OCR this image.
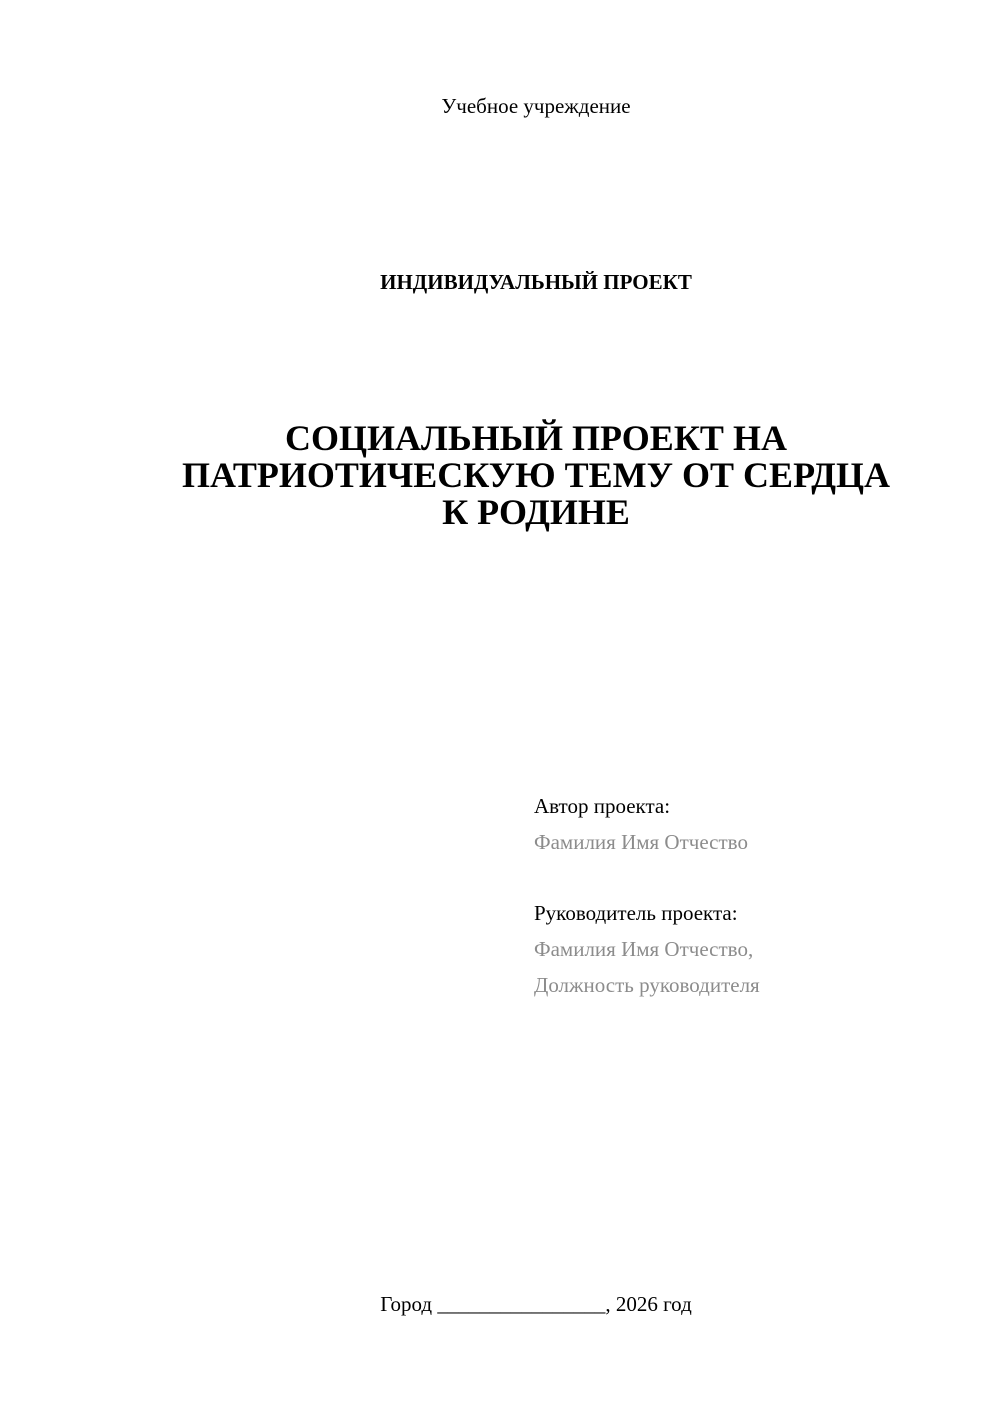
Учебное учреждение
ИНДИВИДУАЛЬНЫЙ ПРОЕКТ
СОЦИАЛЬНЫЙ ПРОЕКТ НА
ПАТРИОТИЧЕСКУЮ ТЕМУ ОТ СЕРДЦА
К РОДИНЕ
Автор проекта:
Фамилия Имя Отчество
Руководитель проекта:
Фамилия Имя Отчество,
Должность руководителя
Город ________________, 2026 год
